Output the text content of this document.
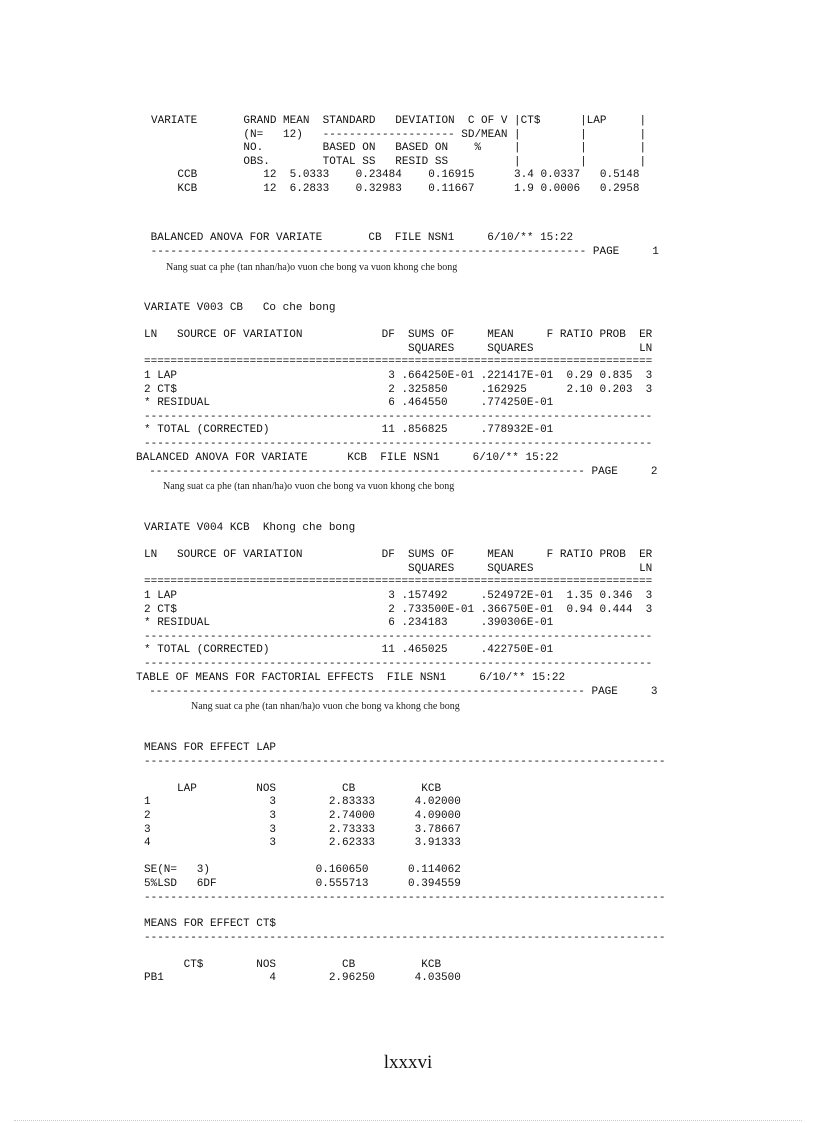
VARIATE       GRAND MEAN  STANDARD   DEVIATION  C OF V |CT$      |LAP     |
(N=   12)   -------------------- SD/MEAN |         |        |
NO.         BASED ON   BASED ON    %     |         |        |
OBS.        TOTAL SS   RESID SS          |         |        |
CCB          12  5.0333    0.23484    0.16915      3.4 0.0337   0.5148
KCB          12  6.2833    0.32983    0.11667      1.9 0.0006   0.2958
BALANCED ANOVA FOR VARIATE       CB  FILE NSN1     6/10/** 15:22
------------------------------------------------------------------ PAGE     1
Nang suat ca phe (tan nhan/ha)o vuon che bong va vuon khong che bong
VARIATE V003 CB   Co che bong

LN   SOURCE OF VARIATION            DF  SUMS OF     MEAN     F RATIO PROB  ER
SQUARES     SQUARES                LN
=============================================================================
1 LAP                                3 .664250E-01 .221417E-01  0.29 0.835  3
2 CT$                                2 .325850     .162925      2.10 0.203  3
* RESIDUAL                           6 .464550     .774250E-01
-----------------------------------------------------------------------------
* TOTAL (CORRECTED)                 11 .856825     .778932E-01
-----------------------------------------------------------------------------
BALANCED ANOVA FOR VARIATE      KCB  FILE NSN1     6/10/** 15:22
------------------------------------------------------------------ PAGE     2
Nang suat ca phe (tan nhan/ha)o vuon che bong va vuon khong che bong
VARIATE V004 KCB  Khong che bong

LN   SOURCE OF VARIATION            DF  SUMS OF     MEAN     F RATIO PROB  ER
SQUARES     SQUARES                LN
=============================================================================
1 LAP                                3 .157492     .524972E-01  1.35 0.346  3
2 CT$                                2 .733500E-01 .366750E-01  0.94 0.444  3
* RESIDUAL                           6 .234183     .390306E-01
-----------------------------------------------------------------------------
* TOTAL (CORRECTED)                 11 .465025     .422750E-01
-----------------------------------------------------------------------------
TABLE OF MEANS FOR FACTORIAL EFFECTS  FILE NSN1     6/10/** 15:22
------------------------------------------------------------------ PAGE     3
Nang suat ca phe (tan nhan/ha)o vuon che bong va khong che bong
MEANS FOR EFFECT LAP
-------------------------------------------------------------------------------

LAP         NOS          CB          KCB
1                  3        2.83333      4.02000
2                  3        2.74000      4.09000
3                  3        2.73333      3.78667
4                  3        2.62333      3.91333

SE(N=   3)                0.160650      0.114062
5%LSD   6DF               0.555713      0.394559
-------------------------------------------------------------------------------
MEANS FOR EFFECT CT$
-------------------------------------------------------------------------------

CT$        NOS          CB          KCB
PB1                4        2.96250      4.03500
lxxxvi
